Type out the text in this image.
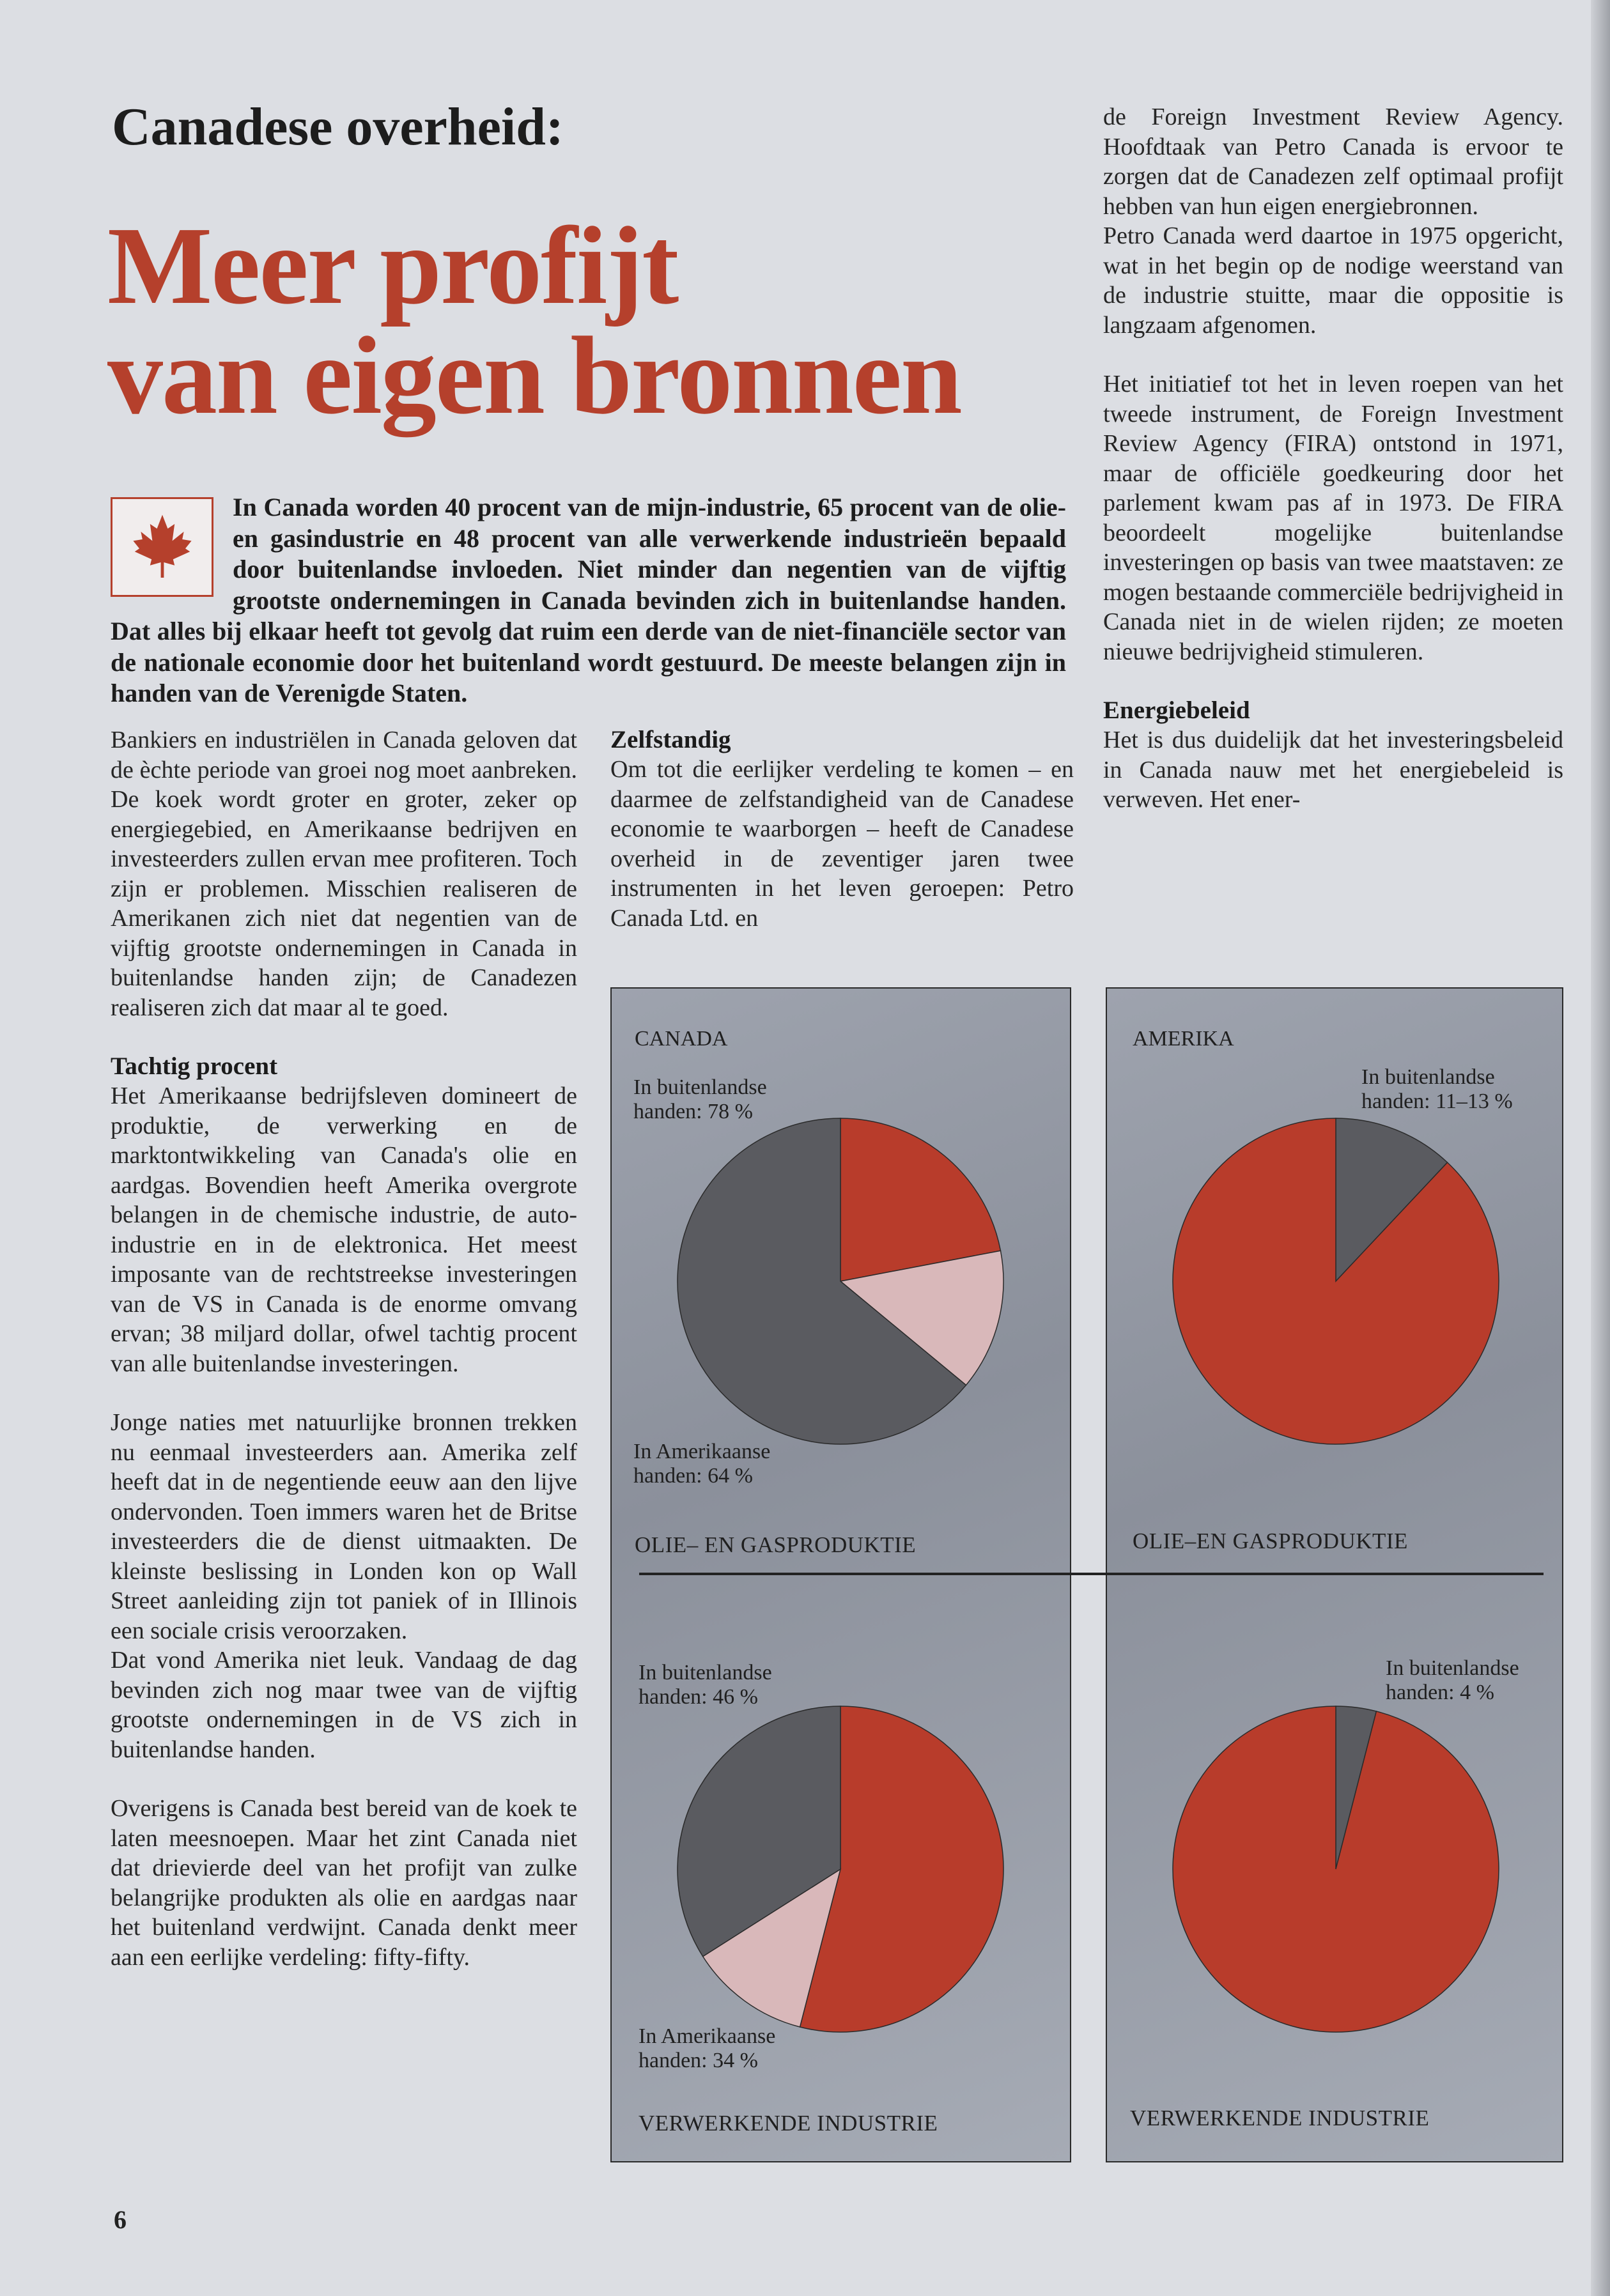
Canadese overheid:
Meer profijt
van eigen bronnen
In Canada worden 40 procent van de mijn-industrie, 65 procent van de olie- en gasindustrie en 48 procent van alle verwerkende industrieën bepaald door buitenlandse invloeden. Niet minder dan negentien van de vijftig grootste ondernemingen in Canada bevinden zich in buitenlandse handen. Dat alles bij elkaar heeft tot gevolg dat ruim een derde van de niet-financiële sector van de nationale economie door het buitenland wordt gestuurd. De meeste belangen zijn in handen van de Verenigde Staten.

Bankiers en industriëlen in Canada geloven dat de èchte periode van groei nog moet aanbreken. De koek wordt groter en groter, zeker op energiegebied, en Amerikaanse bedrijven en investeerders zullen ervan mee profiteren. Toch zijn er problemen. Misschien realiseren de Amerikanen zich niet dat negentien van de vijftig grootste ondernemingen in Canada in buitenlandse handen zijn; de Canadezen realiseren zich dat maar al te goed.

Tachtig procent

Het Amerikaanse bedrijfsleven domineert de produktie, de verwerking en de marktontwikkeling van Canada's olie en aardgas. Bovendien heeft Amerika overgrote belangen in de chemische industrie, de auto-industrie en in de elektronica. Het meest imposante van de rechtstreekse investeringen van de VS in Canada is de enorme omvang ervan; 38 miljard dollar, ofwel tachtig procent van alle buitenlandse investeringen.

Jonge naties met natuurlijke bronnen trekken nu eenmaal investeerders aan. Amerika zelf heeft dat in de negentiende eeuw aan den lijve ondervonden. Toen immers waren het de Britse investeerders die de dienst uitmaakten. De kleinste beslissing in Londen kon op Wall Street aanleiding zijn tot paniek of in Illinois een sociale crisis veroorzaken.

Dat vond Amerika niet leuk. Vandaag de dag bevinden zich nog maar twee van de vijftig grootste ondernemingen in de VS zich in buitenlandse handen.

Overigens is Canada best bereid van de koek te laten meesnoepen. Maar het zint Canada niet dat drievierde deel van het profijt van zulke belangrijke produkten als olie en aardgas naar het buitenland verdwijnt. Canada denkt meer aan een eerlijke verdeling: fifty-fifty.

Zelfstandig

Om tot die eerlijker verdeling te komen – en daarmee de zelfstandigheid van de Canadese economie te waarborgen – heeft de Canadese overheid in de zeventiger jaren twee instrumenten in het leven geroepen: Petro Canada Ltd. en

de Foreign Investment Review Agency. Hoofdtaak van Petro Canada is ervoor te zorgen dat de Canadezen zelf optimaal profijt hebben van hun eigen energiebronnen.

Petro Canada werd daartoe in 1975 opgericht, wat in het begin op de nodige weerstand van de industrie stuitte, maar die oppositie is langzaam afgenomen.

Het initiatief tot het in leven roepen van het tweede instrument, de Foreign Investment Review Agency (FIRA) ontstond in 1971, maar de officiële goedkeuring door het parlement kwam pas af in 1973. De FIRA beoordeelt mogelijke buitenlandse investeringen op basis van twee maatstaven: ze mogen bestaande commerciële bedrijvigheid in Canada niet in de wielen rijden; ze moeten nieuwe bedrijvigheid stimuleren.

Energiebeleid

Het is dus duidelijk dat het investeringsbeleid in Canada nauw met het energiebeleid is verweven. Het ener-

6
CANADA	AMERIKA
In buitenlandse
handen: 78 %
In Amerikaanse
handen: 64 %
In buitenlandse
handen: 11–13 %
OLIE– EN GASPRODUKTIE	OLIE–EN GASPRODUKTIE
In buitenlandse
handen: 46 %
In Amerikaanse
handen: 34 %
In buitenlandse
handen: 4 %
VERWERKENDE INDUSTRIE	VERWERKENDE INDUSTRIE
